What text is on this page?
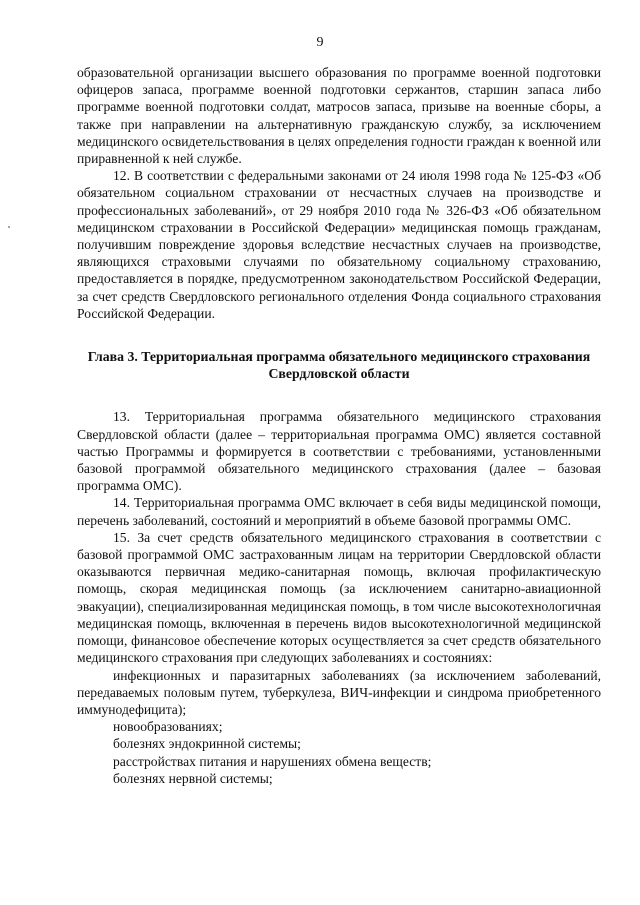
9

образовательной организации высшего образования по программе военной подготовки офицеров запаса, программе военной подготовки сержантов, старшин запаса либо программе военной подготовки солдат, матросов запаса, призыве на военные сборы, а также при направлении на альтернативную гражданскую службу, за исключением медицинского освидетельствования в целях определения годности граждан к военной или приравненной к ней службе.

12. В соответствии с федеральными законами от 24 июля 1998 года № 125-ФЗ «Об обязательном социальном страховании от несчастных случаев на производстве и профессиональных заболеваний», от 29 ноября 2010 года № 326-ФЗ «Об обязательном медицинском страховании в Российской Федерации» медицинская помощь гражданам, получившим повреждение здоровья вследствие несчастных случаев на производстве, являющихся страховыми случаями по обязательному социальному страхованию, предоставляется в порядке, предусмотренном законодательством Российской Федерации, за счет средств Свердловского регионального отделения Фонда социального страхования Российской Федерации.

Глава 3. Территориальная программа обязательного медицинского страхования Свердловской области

13. Территориальная программа обязательного медицинского страхования Свердловской области (далее – территориальная программа ОМС) является составной частью Программы и формируется в соответствии с требованиями, установленными базовой программой обязательного медицинского страхования (далее – базовая программа ОМС).

14. Территориальная программа ОМС включает в себя виды медицинской помощи, перечень заболеваний, состояний и мероприятий в объеме базовой программы ОМС.

15. За счет средств обязательного медицинского страхования в соответствии с базовой программой ОМС застрахованным лицам на территории Свердловской области оказываются первичная медико-санитарная помощь, включая профилактическую помощь, скорая медицинская помощь (за исключением санитарно-авиационной эвакуации), специализированная медицинская помощь, в том числе высокотехнологичная медицинская помощь, включенная в перечень видов высокотехнологичной медицинской помощи, финансовое обеспечение которых осуществляется за счет средств обязательного медицинского страхования при следующих заболеваниях и состояниях:

инфекционных и паразитарных заболеваниях (за исключением заболеваний, передаваемых половым путем, туберкулеза, ВИЧ-инфекции и синдрома приобретенного иммунодефицита);

новообразованиях;

болезнях эндокринной системы;

расстройствах питания и нарушениях обмена веществ;

болезнях нервной системы;
